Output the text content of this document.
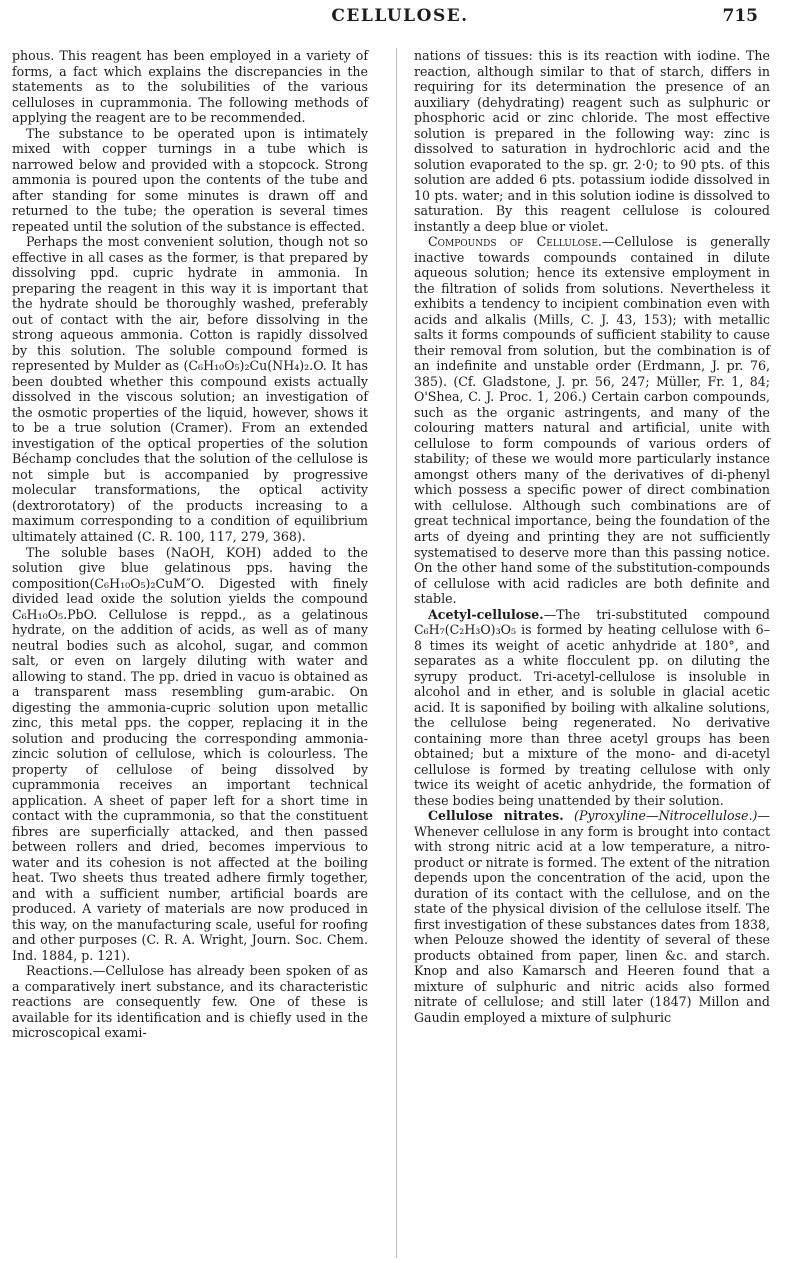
CELLULOSE.	715

phous. This reagent has been employed in a variety of forms, a fact which explains the discrepancies in the statements as to the solubilities of the various celluloses in cuprammonia. The following methods of applying the reagent are to be recommended.

The substance to be operated upon is intimately mixed with copper turnings in a tube which is narrowed below and provided with a stopcock. Strong ammonia is poured upon the contents of the tube and after standing for some minutes is drawn off and returned to the tube; the operation is several times repeated until the solution of the substance is effected.

Perhaps the most convenient solution, though not so effective in all cases as the former, is that prepared by dissolving ppd. cupric hydrate in ammonia. In preparing the reagent in this way it is important that the hydrate should be thoroughly washed, preferably out of contact with the air, before dissolving in the strong aqueous ammonia. Cotton is rapidly dissolved by this solution. The soluble compound formed is represented by Mulder as (C₆H₁₀O₅)₂Cu(NH₄)₂.O. It has been doubted whether this compound exists actually dissolved in the viscous solution; an investigation of the osmotic properties of the liquid, however, shows it to be a true solution (Cramer). From an extended investigation of the optical properties of the solution Béchamp concludes that the solution of the cellulose is not simple but is accompanied by progressive molecular transformations, the optical activity (dextrorotatory) of the products increasing to a maximum corresponding to a condition of equilibrium ultimately attained (C. R. 100, 117, 279, 368).

The soluble bases (NaOH, KOH) added to the solution give blue gelatinous pps. having the composition(C₆H₁₀O₅)₂CuM″O. Digested with finely divided lead oxide the solution yields the compound C₆H₁₀O₅.PbO. Cellulose is reppd., as a gelatinous hydrate, on the addition of acids, as well as of many neutral bodies such as alcohol, sugar, and common salt, or even on largely diluting with water and allowing to stand. The pp. dried in vacuo is obtained as a transparent mass resembling gum-arabic. On digesting the ammonia-cupric solution upon metallic zinc, this metal pps. the copper, replacing it in the solution and producing the corresponding ammonia-zincic solution of cellulose, which is colourless. The property of cellulose of being dissolved by cuprammonia receives an important technical application. A sheet of paper left for a short time in contact with the cuprammonia, so that the constituent fibres are superficially attacked, and then passed between rollers and dried, becomes impervious to water and its cohesion is not affected at the boiling heat. Two sheets thus treated adhere firmly together, and with a sufficient number, artificial boards are produced. A variety of materials are now produced in this way, on the manufacturing scale, useful for roofing and other purposes (C. R. A. Wright, Journ. Soc. Chem. Ind. 1884, p. 121).

Reactions.—Cellulose has already been spoken of as a comparatively inert substance, and its characteristic reactions are consequently few. One of these is available for its identification and is chiefly used in the microscopical exami-

nations of tissues: this is its reaction with iodine. The reaction, although similar to that of starch, differs in requiring for its determination the presence of an auxiliary (dehydrating) reagent such as sulphuric or phosphoric acid or zinc chloride. The most effective solution is prepared in the following way: zinc is dissolved to saturation in hydrochloric acid and the solution evaporated to the sp. gr. 2·0; to 90 pts. of this solution are added 6 pts. potassium iodide dissolved in 10 pts. water; and in this solution iodine is dissolved to saturation. By this reagent cellulose is coloured instantly a deep blue or violet.

Compounds of Cellulose.—Cellulose is generally inactive towards compounds contained in dilute aqueous solution; hence its extensive employment in the filtration of solids from solutions. Nevertheless it exhibits a tendency to incipient combination even with acids and alkalis (Mills, C. J. 43, 153); with metallic salts it forms compounds of sufficient stability to cause their removal from solution, but the combination is of an indefinite and unstable order (Erdmann, J. pr. 76, 385). (Cf. Gladstone, J. pr. 56, 247; Müller, Fr. 1, 84; O'Shea, C. J. Proc. 1, 206.) Certain carbon compounds, such as the organic astringents, and many of the colouring matters natural and artificial, unite with cellulose to form compounds of various orders of stability; of these we would more particularly instance amongst others many of the derivatives of di-phenyl which possess a specific power of direct combination with cellulose. Although such combinations are of great technical importance, being the foundation of the arts of dyeing and printing they are not sufficiently systematised to deserve more than this passing notice. On the other hand some of the substitution-compounds of cellulose with acid radicles are both definite and stable.

Acetyl-cellulose.—The tri-substituted compound C₆H₇(C₂H₃O)₃O₅ is formed by heating cellulose with 6–8 times its weight of acetic anhydride at 180°, and separates as a white flocculent pp. on diluting the syrupy product. Tri-acetyl-cellulose is insoluble in alcohol and in ether, and is soluble in glacial acetic acid. It is saponified by boiling with alkaline solutions, the cellulose being regenerated. No derivative containing more than three acetyl groups has been obtained; but a mixture of the mono- and di-acetyl cellulose is formed by treating cellulose with only twice its weight of acetic anhydride, the formation of these bodies being unattended by their solution.

Cellulose nitrates. (Pyroxyline—Nitrocellulose.)—Whenever cellulose in any form is brought into contact with strong nitric acid at a low temperature, a nitro-product or nitrate is formed. The extent of the nitration depends upon the concentration of the acid, upon the duration of its contact with the cellulose, and on the state of the physical division of the cellulose itself. The first investigation of these substances dates from 1838, when Pelouze showed the identity of several of these products obtained from paper, linen &c. and starch. Knop and also Kamarsch and Heeren found that a mixture of sulphuric and nitric acids also formed nitrate of cellulose; and still later (1847) Millon and Gaudin employed a mixture of sulphuric
